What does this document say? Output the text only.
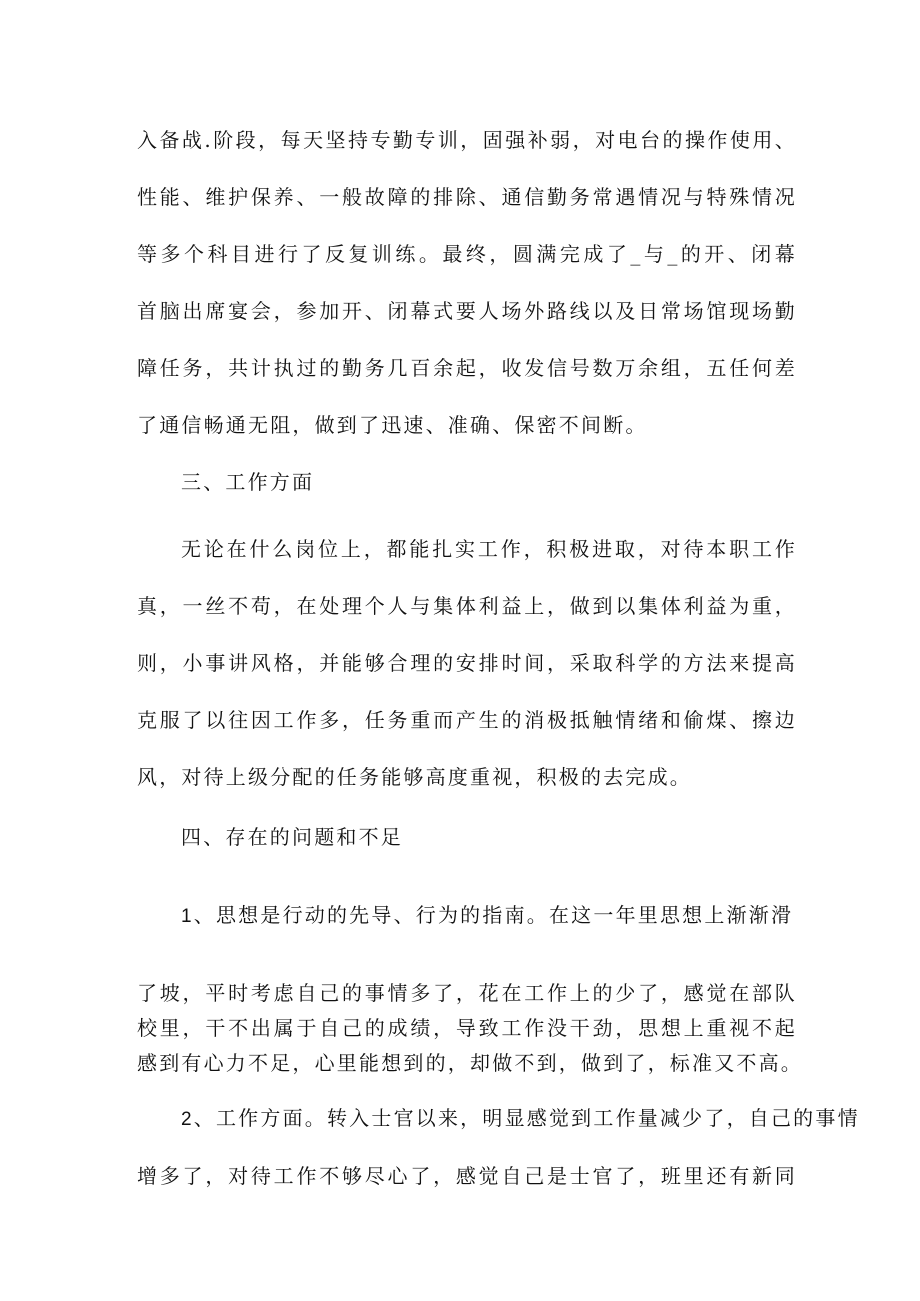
入备战.阶段，每天坚持专勤专训，固强补弱，对电台的操作使用、
性能、维护保养、一般故障的排除、通信勤务常遇情况与特殊情况
等多个科目进行了反复训练。最终，圆满完成了_与_的开、闭幕
首脑出席宴会，参加开、闭幕式要人场外路线以及日常场馆现场勤
障任务，共计执过的勤务几百余起，收发信号数万余组，五任何差
了通信畅通无阻，做到了迅速、准确、保密不间断。
三、工作方面
无论在什么岗位上，都能扎实工作，积极进取，对待本职工作
真，一丝不苟，在处理个人与集体利益上，做到以集体利益为重，
则，小事讲风格，并能够合理的安排时间，采取科学的方法来提高
克服了以往因工作多，任务重而产生的消极抵触情绪和偷煤、擦边
风，对待上级分配的任务能够高度重视，积极的去完成。
四、存在的问题和不足
1、思想是行动的先导、行为的指南。在这一年里思想上渐渐滑
了坡，平时考虑自己的事情多了，花在工作上的少了，感觉在部队
校里，干不出属于自己的成绩，导致工作没干劲，思想上重视不起
感到有心力不足，心里能想到的，却做不到，做到了，标准又不高。
2、工作方面。转入士官以来，明显感觉到工作量减少了，自己的事情
增多了，对待工作不够尽心了，感觉自己是士官了，班里还有新同
